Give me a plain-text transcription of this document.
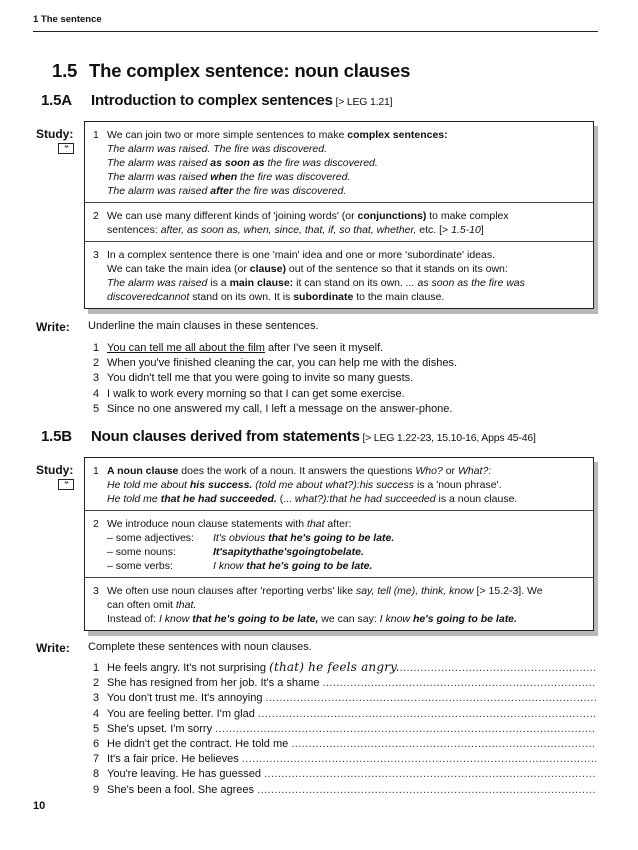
1 The sentence
1.5 The complex sentence: noun clauses
1.5A Introduction to complex sentences [> LEG 1.21]
Study:
**
1 We can join two or more simple sentences to make complex sentences:
The alarm was raised. The fire was discovered.
The alarm was raised as soon as the fire was discovered.
The alarm was raised when the fire was discovered.
The alarm was raised after the fire was discovered.
2 We can use many different kinds of 'joining words' (or conjunctions) to make complex
sentences: after, as soon as, when, since, that, if, so that, whether, etc. [> 1.5-10]
3 In a complex sentence there is one 'main' idea and one or more 'subordinate' ideas.
We can take the main idea (or clause) out of the sentence so that it stands on its own:
The alarm was raised is a main clause: it can stand on its own. ... as soon as the fire was
discoveredcannot stand on its own. It is subordinate to the main clause.
Write: Underline the main clauses in these sentences.
1 You can tell me all about the film after I've seen it myself.
2 When you've finished cleaning the car, you can help me with the dishes.
3 You didn't tell me that you were going to invite so many guests.
4 I walk to work every morning so that I can get some exercise.
5 Since no one answered my call, I left a message on the answer-phone.
1.5B Noun clauses derived from statements [> LEG 1.22-23, 15.10-16, Apps 45-46]
Study:
**
1 A noun clause does the work of a noun. It answers the questions Who? or What?:
He told me about his success. (told me about what?):his success is a 'noun phrase'.
He told me that he had succeeded. (... what?):that he had succeeded is a noun clause.
2 We introduce noun clause statements with that after:
– some adjectives: It's obvious that he's going to be late.
– some nouns:	It'sapitythathe'sgoingtobelate.
– some verbs:	I know that he's going to be late.
3 We often use noun clauses after 'reporting verbs' like say, tell (me), think, know [> 15.2-3]. We
can often omit that.
Instead of: I know that he's going to be late, we can say: I know he's going to be late.
Write: Complete these sentences with noun clauses.
1 He feels angry. It's not surprising (that) he feels angry..........................................................
2 She has resigned from her job. It's a shame ...............................................................................
3 You don't trust me. It's annoying ................................................................................................
4 You are feeling better. I'm glad ..................................................................................................
5 She's upset. I'm sorry ..............................................................................................................
6 He didn't get the contract. He told me ........................................................................................
7 It's a fair price. He believes .......................................................................................................
8 You're leaving. He has guessed ................................................................................................
9 She's been a fool. She agrees ..................................................................................................
10
